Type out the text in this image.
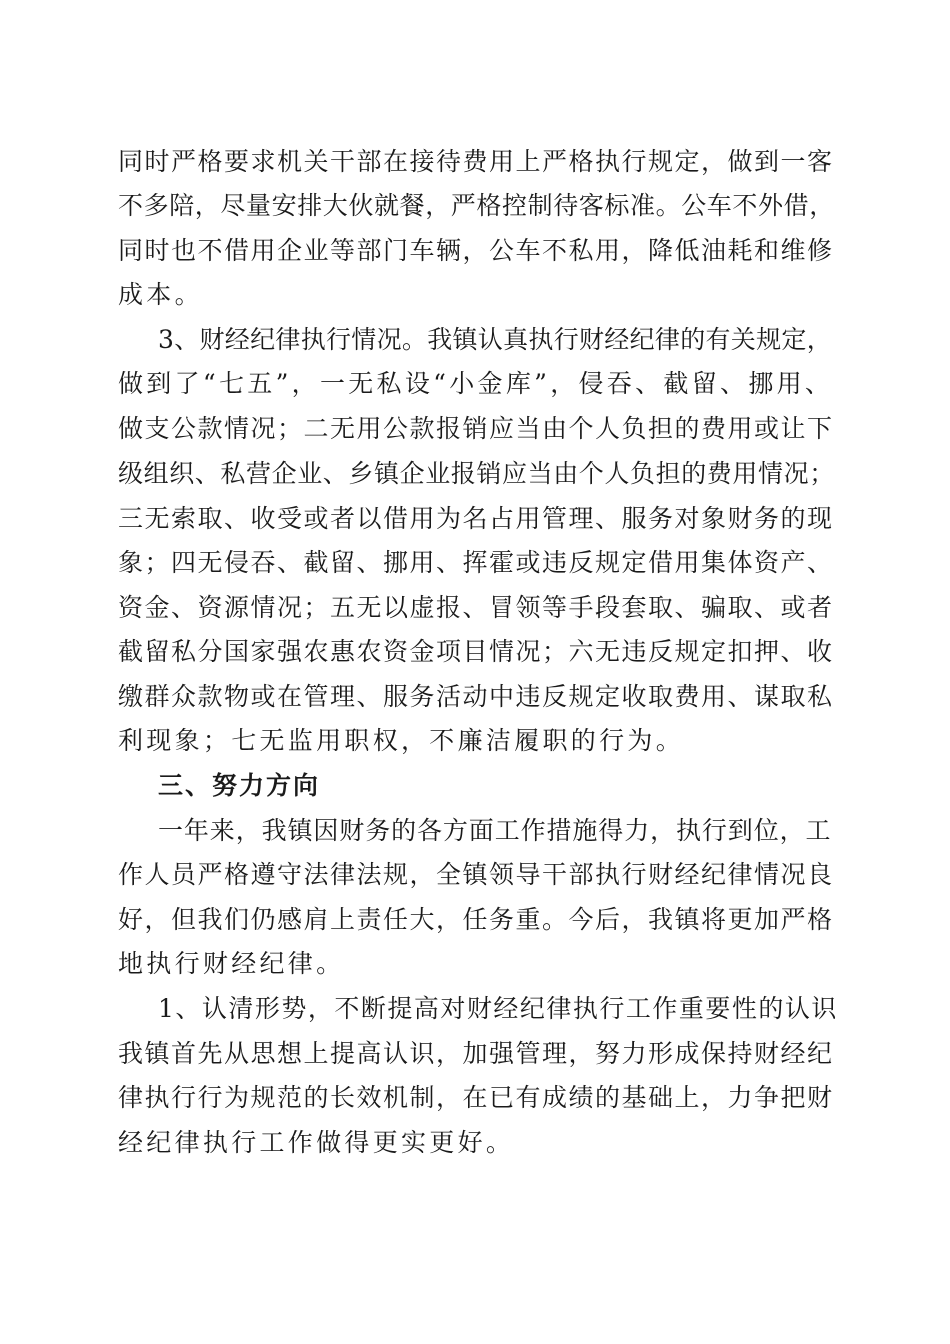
同时严格要求机关干部在接待费用上严格执行规定，做到一客
不多陪，尽量安排大伙就餐，严格控制待客标准。公车不外借，
同时也不借用企业等部门车辆，公车不私用，降低油耗和维修
成本。
3、财经纪律执行情况。我镇认真执行财经纪律的有关规定，
做到了“七五”，一无私设“小金库”，侵吞、截留、挪用、
做支公款情况；二无用公款报销应当由个人负担的费用或让下
级组织、私营企业、乡镇企业报销应当由个人负担的费用情况；
三无索取、收受或者以借用为名占用管理、服务对象财务的现
象；四无侵吞、截留、挪用、挥霍或违反规定借用集体资产、
资金、资源情况；五无以虚报、冒领等手段套取、骗取、或者
截留私分国家强农惠农资金项目情况；六无违反规定扣押、收
缴群众款物或在管理、服务活动中违反规定收取费用、谋取私
利现象；七无监用职权，不廉洁履职的行为。
三、努力方向
一年来，我镇因财务的各方面工作措施得力，执行到位，工
作人员严格遵守法律法规，全镇领导干部执行财经纪律情况良
好，但我们仍感肩上责任大，任务重。今后，我镇将更加严格
地执行财经纪律。
1、认清形势，不断提高对财经纪律执行工作重要性的认识
我镇首先从思想上提高认识，加强管理，努力形成保持财经纪
律执行行为规范的长效机制，在已有成绩的基础上，力争把财
经纪律执行工作做得更实更好。
